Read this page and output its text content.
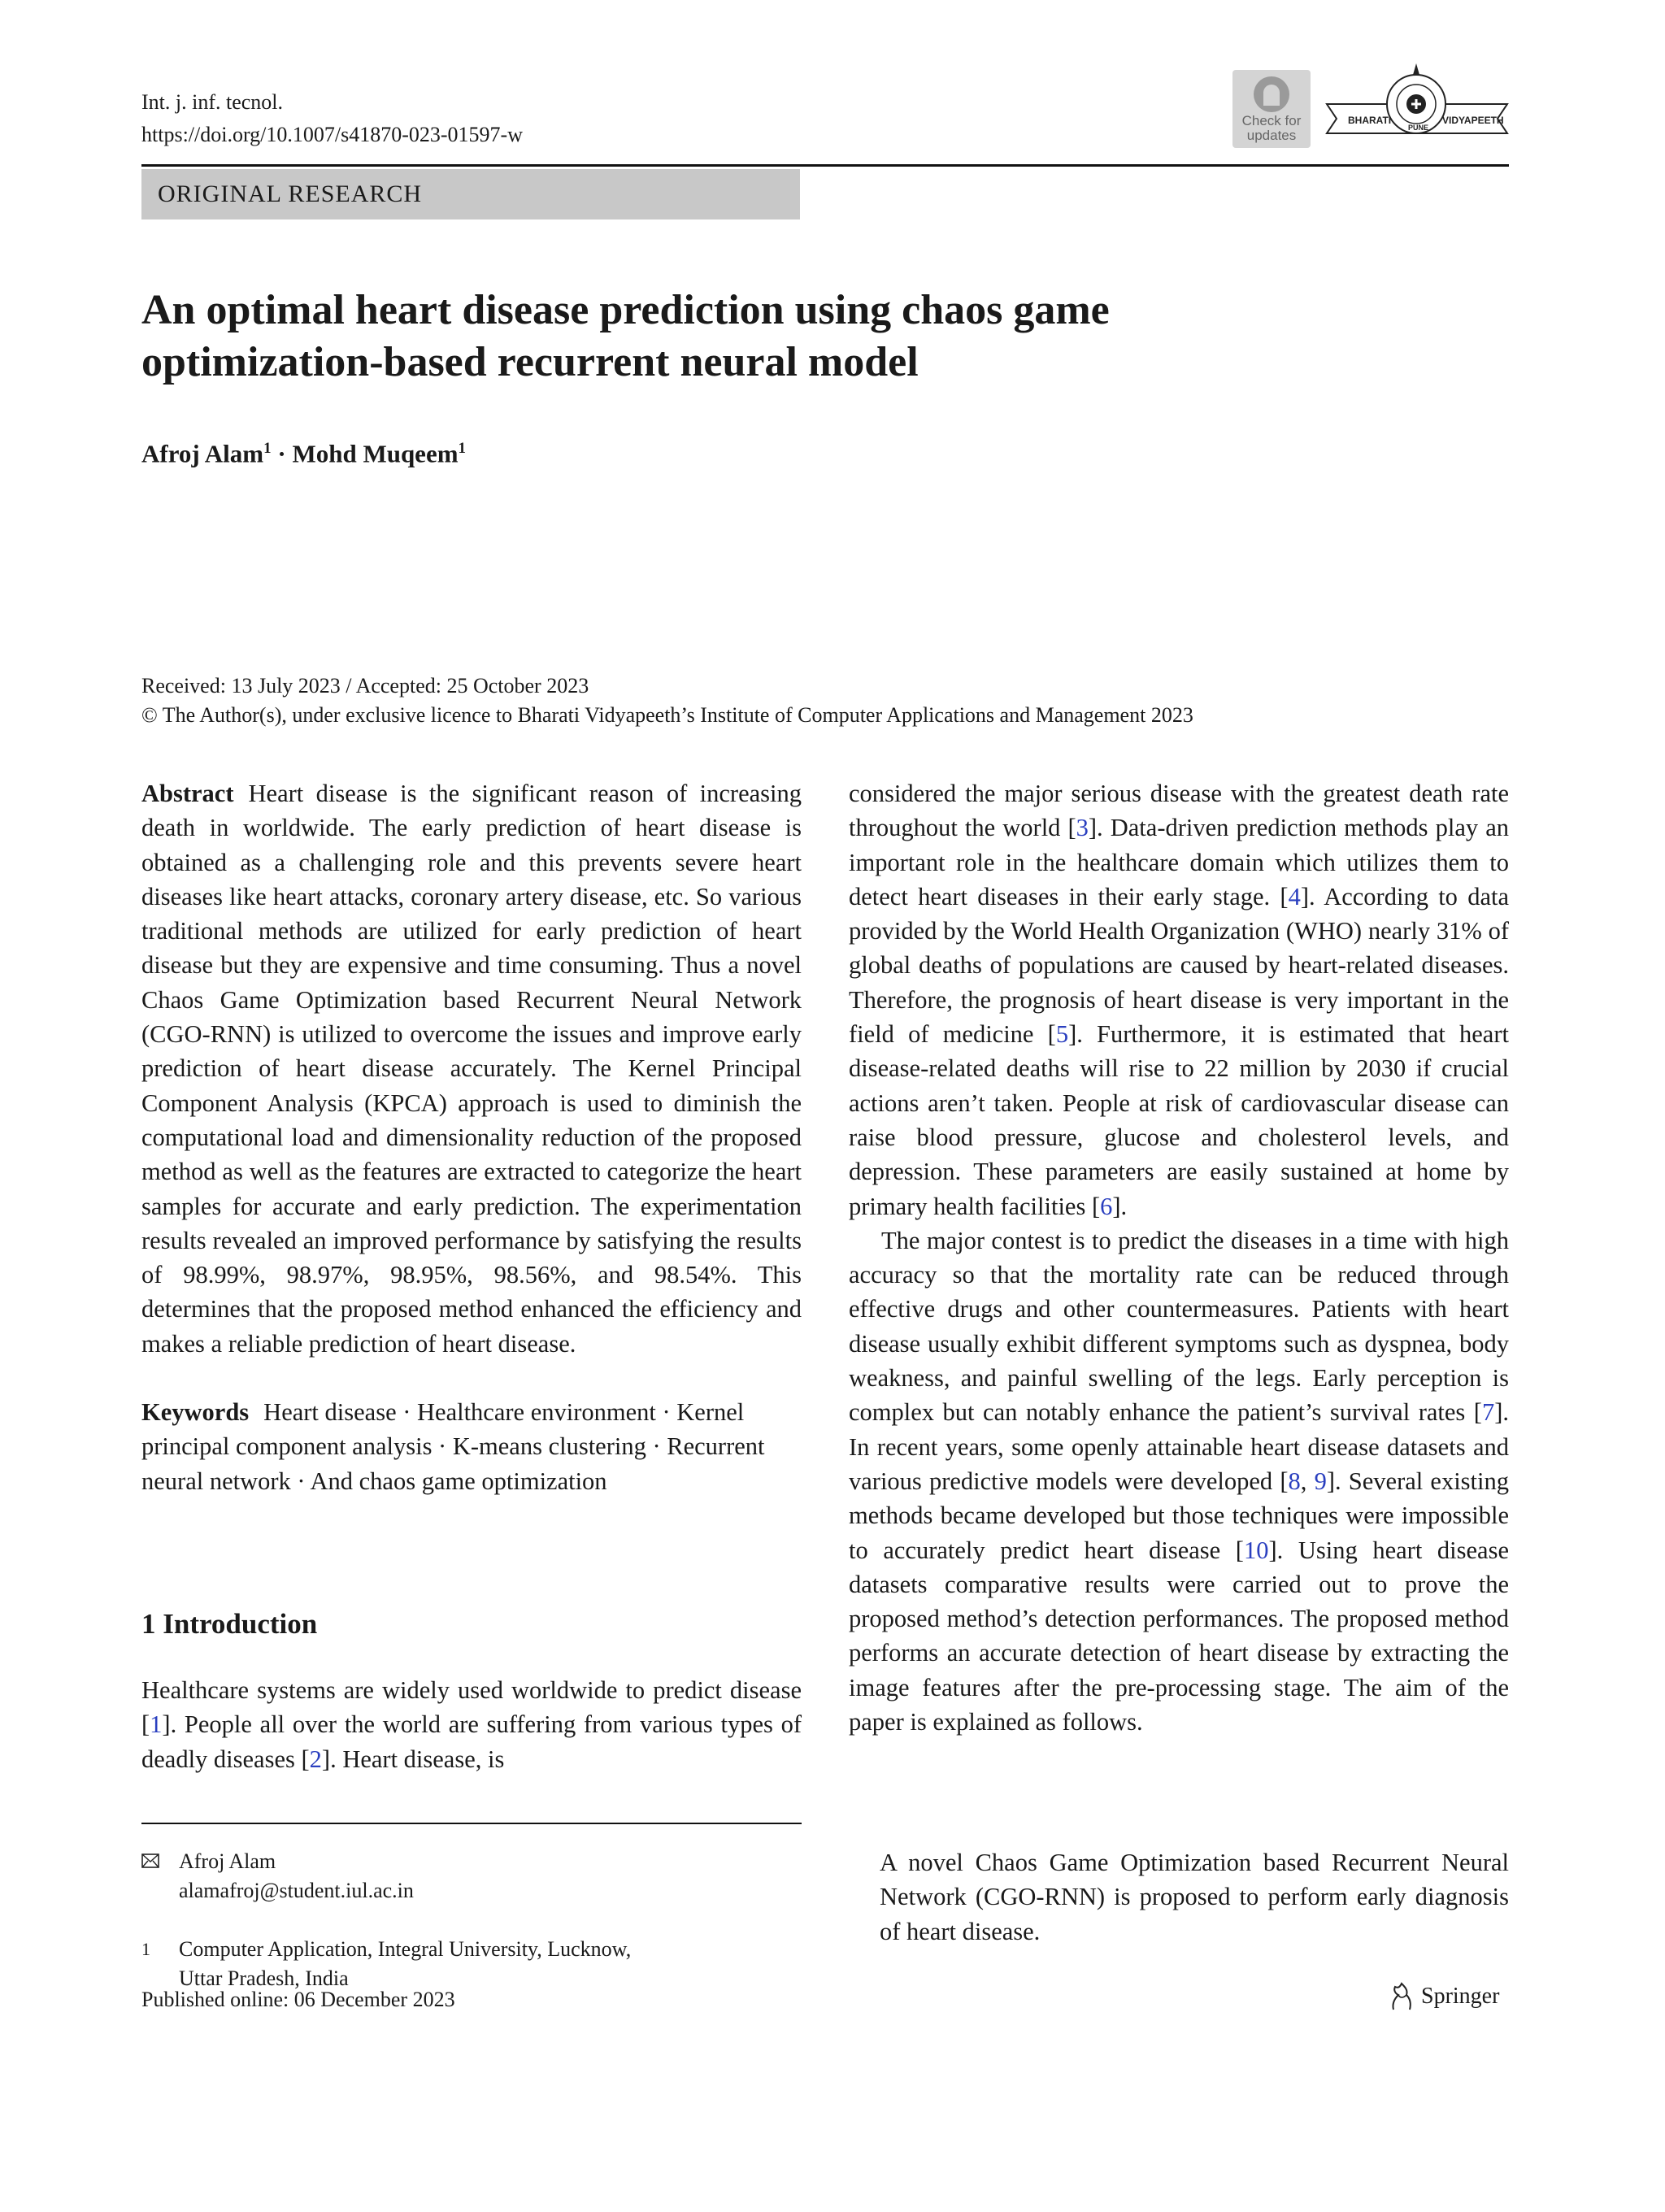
Int. j. inf. tecnol.
https://doi.org/10.1007/s41870-023-01597-w
Check for
updates
BHARATI	VIDYAPEETH
PUNE
ORIGINAL RESEARCH
An optimal heart disease prediction using chaos game optimization-based recurrent neural model
Afroj Alam$^1$ · Mohd Muqeem$^1$
Received: 13 July 2023 / Accepted: 25 October 2023
© The Author(s), under exclusive licence to Bharati Vidyapeeth’s Institute of Computer Applications and Management 2023

Abstract Heart disease is the significant reason of increasing death in worldwide. The early prediction of heart disease is obtained as a challenging role and this prevents severe heart diseases like heart attacks, coronary artery disease, etc. So various traditional methods are utilized for early prediction of heart disease but they are expensive and time consuming. Thus a novel Chaos Game Optimization based Recurrent Neural Network (CGO-RNN) is utilized to overcome the issues and improve early prediction of heart disease accurately. The Kernel Principal Component Analysis (KPCA) approach is used to diminish the computational load and dimensionality reduction of the proposed method as well as the features are extracted to categorize the heart samples for accurate and early prediction. The experimentation results revealed an improved performance by satisfying the results of 98.99%, 98.97%, 98.95%, 98.56%, and 98.54%. This determines that the proposed method enhanced the efficiency and makes a reliable prediction of heart disease.

Keywords Heart disease · Healthcare environment · Kernel principal component analysis · K-means clustering · Recurrent neural network · And chaos game optimization

1 Introduction

Healthcare systems are widely used worldwide to predict disease [1]. People all over the world are suffering from various types of deadly diseases [2]. Heart disease, is

considered the major serious disease with the greatest death rate throughout the world [3]. Data-driven prediction methods play an important role in the healthcare domain which utilizes them to detect heart diseases in their early stage. [4]. According to data provided by the World Health Organization (WHO) nearly 31% of global deaths of populations are caused by heart-related diseases. Therefore, the prognosis of heart disease is very important in the field of medicine [5]. Furthermore, it is estimated that heart disease-related deaths will rise to 22 million by 2030 if crucial actions aren’t taken. People at risk of cardiovascular disease can raise blood pressure, glucose and cholesterol levels, and depression. These parameters are easily sustained at home by primary health facilities [6].

The major contest is to predict the diseases in a time with high accuracy so that the mortality rate can be reduced through effective drugs and other countermeasures. Patients with heart disease usually exhibit different symptoms such as dyspnea, body weakness, and painful swelling of the legs. Early perception is complex but can notably enhance the patient’s survival rates [7]. In recent years, some openly attainable heart disease datasets and various predictive models were developed [8, 9]. Several existing methods became developed but those techniques were impossible to accurately predict heart disease [10]. Using heart disease datasets comparative results were carried out to prove the proposed method’s detection performances. The proposed method performs an accurate detection of heart disease by extracting the image features after the pre-processing stage. The aim of the paper is explained as follows.

A novel Chaos Game Optimization based Recurrent Neural Network (CGO-RNN) is proposed to perform early diagnosis of heart disease.
Afroj Alam
alamafroj@student.iul.ac.in
1 Computer Application, Integral University, Lucknow,
Uttar Pradesh, India
Published online: 06 December 2023	Springer
